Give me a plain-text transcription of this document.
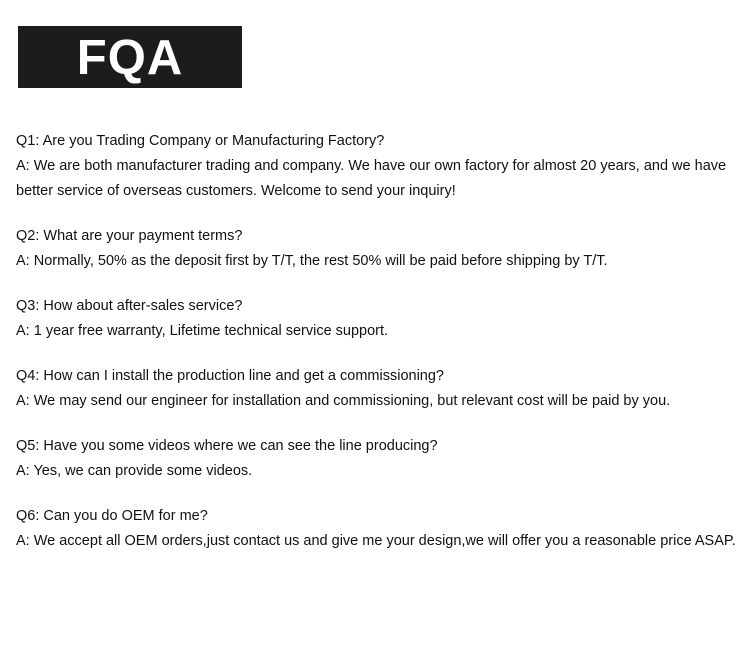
FQA

Q1: Are you Trading Company or Manufacturing Factory?

A: We are both manufacturer trading and company. We have our own factory for almost 20 years, and we have better service of overseas customers. Welcome to send your inquiry!

Q2: What are your payment terms?

A: Normally, 50% as the deposit first by T/T, the rest 50% will be paid before shipping by T/T.

Q3: How about after-sales service?

A: 1 year free warranty, Lifetime technical service support.

Q4: How can I install the production line and get a commissioning?

A: We may send our engineer for installation and commissioning, but relevant cost will be paid by you.

Q5: Have you some videos where we can see the line producing?

A: Yes, we can provide some videos.

Q6: Can you do OEM for me?

A: We accept all OEM orders,just contact us and give me your design,we will offer you a reasonable price ASAP.
